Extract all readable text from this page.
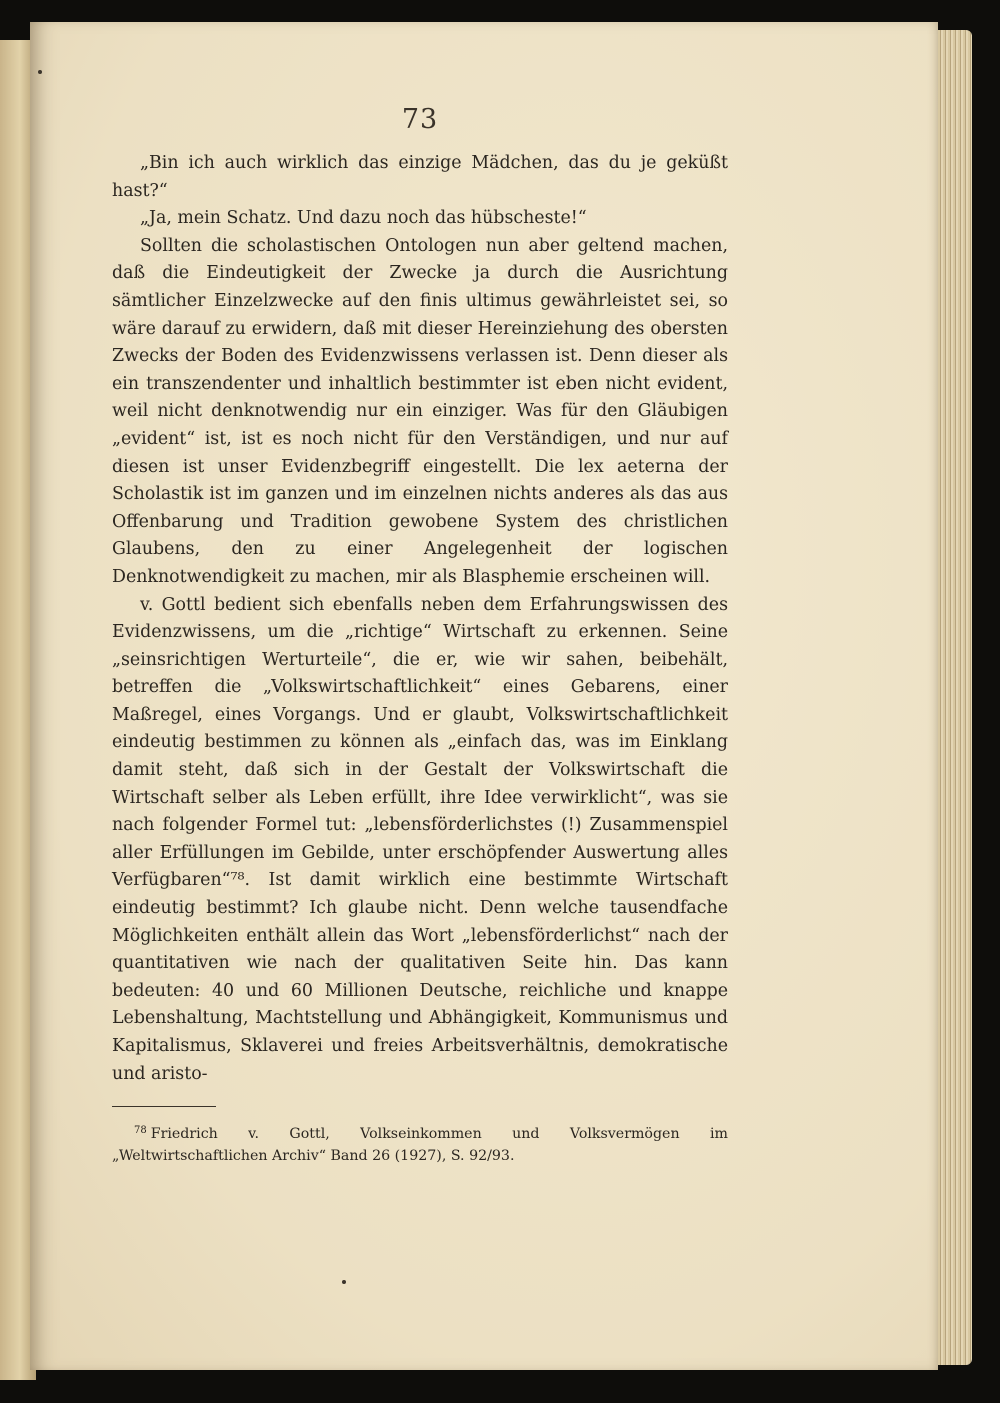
73

„Bin ich auch wirklich das einzige Mädchen, das du je geküßt hast?“

„Ja, mein Schatz. Und dazu noch das hübscheste!“

Sollten die scholastischen Ontologen nun aber geltend machen, daß die Eindeutigkeit der Zwecke ja durch die Ausrichtung sämtlicher Einzelzwecke auf den finis ultimus gewährleistet sei, so wäre darauf zu erwidern, daß mit dieser Hereinziehung des obersten Zwecks der Boden des Evidenzwissens verlassen ist. Denn dieser als ein transzendenter und inhaltlich bestimmter ist eben nicht evident, weil nicht denknotwendig nur ein einziger. Was für den Gläubigen „evident“ ist, ist es noch nicht für den Verständigen, und nur auf diesen ist unser Evidenzbegriff eingestellt. Die lex aeterna der Scholastik ist im ganzen und im einzelnen nichts anderes als das aus Offenbarung und Tradition gewobene System des christlichen Glaubens, den zu einer Angelegenheit der logischen Denknotwendigkeit zu machen, mir als Blasphemie erscheinen will.

v. Gottl bedient sich ebenfalls neben dem Erfahrungswissen des Evidenzwissens, um die „richtige“ Wirtschaft zu erkennen. Seine „seinsrichtigen Werturteile“, die er, wie wir sahen, beibehält, betreffen die „Volkswirtschaftlichkeit“ eines Gebarens, einer Maßregel, eines Vorgangs. Und er glaubt, Volkswirtschaftlichkeit eindeutig bestimmen zu können als „einfach das, was im Einklang damit steht, daß sich in der Gestalt der Volkswirtschaft die Wirtschaft selber als Leben erfüllt, ihre Idee verwirklicht“, was sie nach folgender Formel tut: „lebensförderlichstes (!) Zusammenspiel aller Erfüllungen im Gebilde, unter erschöpfender Auswertung alles Verfügbaren“⁷⁸. Ist damit wirklich eine bestimmte Wirtschaft eindeutig bestimmt? Ich glaube nicht. Denn welche tausendfache Möglichkeiten enthält allein das Wort „lebensförderlichst“ nach der quantitativen wie nach der qualitativen Seite hin. Das kann bedeuten: 40 und 60 Millionen Deutsche, reichliche und knappe Lebenshaltung, Machtstellung und Abhängigkeit, Kommunismus und Kapitalismus, Sklaverei und freies Arbeitsverhältnis, demokratische und aristo-

$^{78}$ Friedrich v. Gottl, Volkseinkommen und Volksvermögen im „Weltwirtschaftlichen Archiv“ Band 26 (1927), S. 92/93.
